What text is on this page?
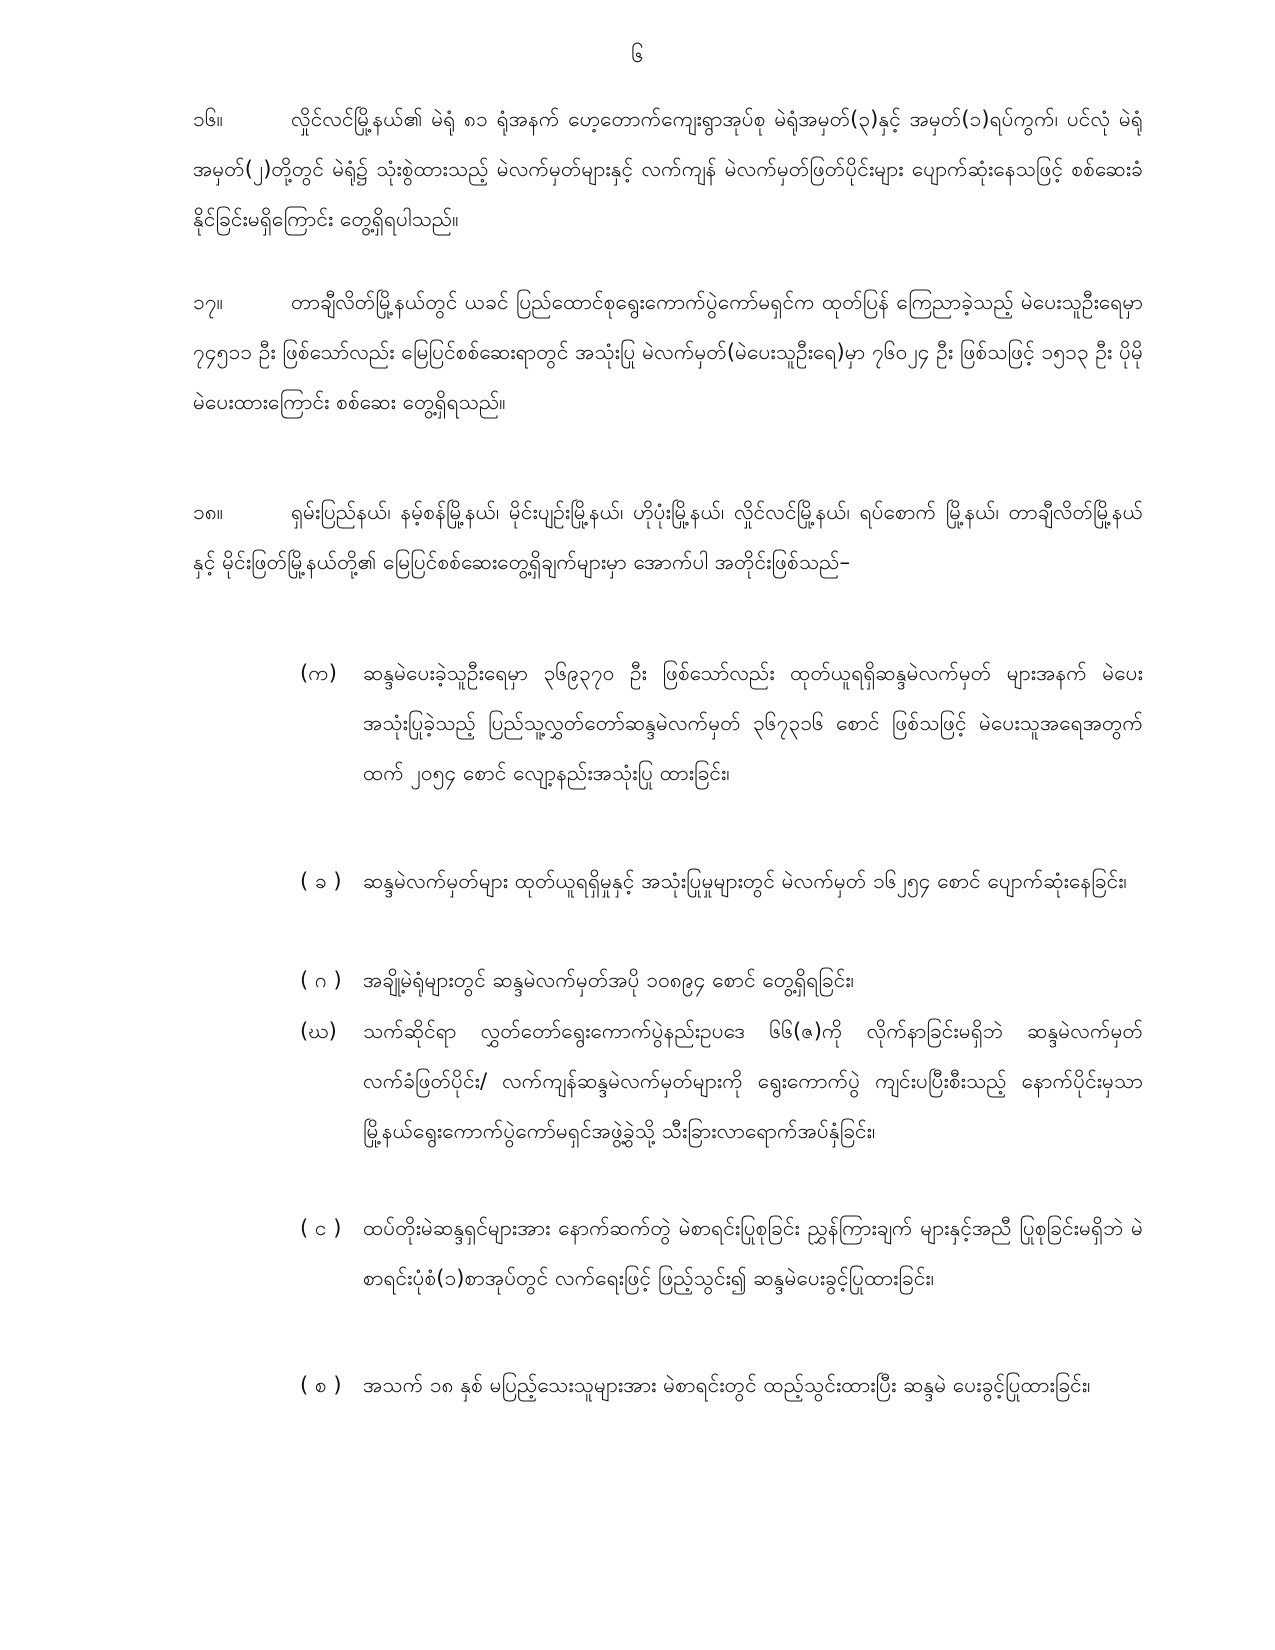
၆
၁၆။	လှိုင်လင်မြို့နယ်၏ မဲရုံ ၈၁ ရုံအနက် ဟေ့တောက်ကျေးရွာအုပ်စု မဲရုံအမှတ်(၃)နှင့် အမှတ်(၁)ရပ်ကွက်၊ ပင်လုံ မဲရုံအမှတ်(၂)တို့တွင် မဲရုံ၌ သုံးစွဲထားသည့် မဲလက်မှတ်များနှင့် လက်ကျန် မဲလက်မှတ်ဖြတ်ပိုင်းများ ပျောက်ဆုံးနေသဖြင့် စစ်ဆေးခံနိုင်ခြင်းမရှိကြောင်း တွေ့ရှိရပါသည်။
၁၇။	တာချီလိတ်မြို့နယ်တွင် ယခင် ပြည်ထောင်စုရွေးကောက်ပွဲကော်မရှင်က ထုတ်ပြန် ကြေညာခဲ့သည့် မဲပေးသူဦးရေမှာ ၇၄၅၁၁ ဦး ဖြစ်သော်လည်း မြေပြင်စစ်ဆေးရာတွင် အသုံးပြု မဲလက်မှတ်(မဲပေးသူဦးရေ)မှာ ၇၆၀၂၄ ဦး ဖြစ်သဖြင့် ၁၅၁၃ ဦး ပိုမိုမဲပေးထားကြောင်း စစ်ဆေး တွေ့ရှိရသည်။
၁၈။	ရှမ်းပြည်နယ်၊ နမ့်စန်မြို့နယ်၊ မိုင်းပျဉ်းမြို့နယ်၊ ဟိုပုံးမြို့နယ်၊ လှိုင်လင်မြို့နယ်၊ ရပ်စောက် မြို့နယ်၊ တာချီလိတ်မြို့နယ်နှင့် မိုင်းဖြတ်မြို့နယ်တို့၏ မြေပြင်စစ်ဆေးတွေ့ရှိချက်များမှာ အောက်ပါ အတိုင်းဖြစ်သည်–
(က)	ဆန္ဒမဲပေးခဲ့သူဦးရေမှာ ၃၆၉၃၇၀ ဦး ဖြစ်သော်လည်း ထုတ်ယူရရှိဆန္ဒမဲလက်မှတ် များအနက် မဲပေးအသုံးပြုခဲ့သည့် ပြည်သူ့လွှတ်တော်ဆန္ဒမဲလက်မှတ် ၃၆၇၃၁၆ စောင် ဖြစ်သဖြင့် မဲပေးသူအရေအတွက်ထက် ၂၀၅၄ စောင် လျော့နည်းအသုံးပြု ထားခြင်း၊
( ခ )	ဆန္ဒမဲလက်မှတ်များ ထုတ်ယူရရှိမှုနှင့် အသုံးပြုမှုများတွင် မဲလက်မှတ် ၁၆၂၅၄ စောင် ပျောက်ဆုံးနေခြင်း၊
( ဂ )	အချို့မဲရုံများတွင် ဆန္ဒမဲလက်မှတ်အပို ၁၀၈၉၄ စောင် တွေ့ရှိရခြင်း၊
(ဃ)	သက်ဆိုင်ရာ လွှတ်တော်ရွေးကောက်ပွဲနည်းဥပဒေ ၆၆(ဇ)ကို လိုက်နာခြင်းမရှိဘဲ ဆန္ဒမဲလက်မှတ် လက်ခံဖြတ်ပိုင်း/ လက်ကျန်ဆန္ဒမဲလက်မှတ်များကို ရွေးကောက်ပွဲ ကျင်းပပြီးစီးသည့် နောက်ပိုင်းမှသာ မြို့နယ်ရွေးကောက်ပွဲကော်မရှင်အဖွဲ့ခွဲသို့ သီးခြားလာရောက်အပ်နှံခြင်း၊
( င )	ထပ်တိုးမဲဆန္ဒရှင်များအား နောက်ဆက်တွဲ မဲစာရင်းပြုစုခြင်း ညွှန်ကြားချက် များနှင့်အညီ ပြုစုခြင်းမရှိဘဲ မဲစာရင်းပုံစံ(၁)စာအုပ်တွင် လက်ရေးဖြင့် ဖြည့်သွင်း၍ ဆန္ဒမဲပေးခွင့်ပြုထားခြင်း၊
( စ )	အသက် ၁၈ နှစ် မပြည့်သေးသူများအား မဲစာရင်းတွင် ထည့်သွင်းထားပြီး ဆန္ဒမဲ ပေးခွင့်ပြုထားခြင်း၊
